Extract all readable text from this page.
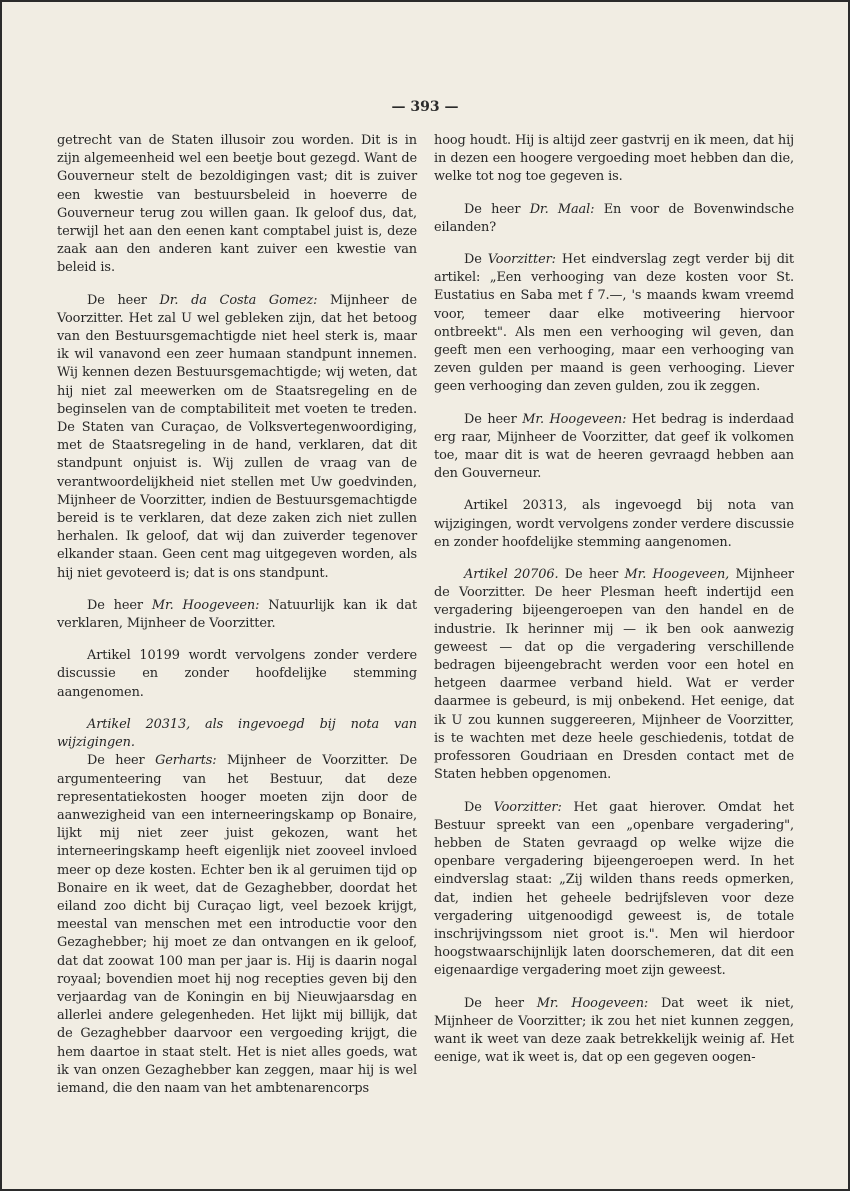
— 393 —

getrecht van de Staten illusoir zou worden. Dit is in zijn algemeenheid wel een beetje bout gezegd. Want de Gouverneur stelt de bezoldigingen vast; dit is zuiver een kwestie van bestuursbeleid in hoeverre de Gouverneur terug zou willen gaan. Ik geloof dus, dat, terwijl het aan den eenen kant comptabel juist is, deze zaak aan den anderen kant zuiver een kwestie van beleid is.

De heer Dr. da Costa Gomez: Mijnheer de Voorzitter. Het zal U wel gebleken zijn, dat het betoog van den Bestuursgemachtigde niet heel sterk is, maar ik wil vanavond een zeer humaan standpunt innemen. Wij kennen dezen Bestuursgemachtigde; wij weten, dat hij niet zal meewerken om de Staatsregeling en de beginselen van de comptabiliteit met voeten te treden. De Staten van Curaçao, de Volksvertegenwoordiging, met de Staatsregeling in de hand, verklaren, dat dit standpunt onjuist is. Wij zullen de vraag van de verantwoordelijkheid niet stellen met Uw goedvinden, Mijnheer de Voorzitter, indien de Bestuursgemachtigde bereid is te verklaren, dat deze zaken zich niet zullen herhalen. Ik geloof, dat wij dan zuiverder tegenover elkander staan. Geen cent mag uitgegeven worden, als hij niet gevoteerd is; dat is ons standpunt.

De heer Mr. Hoogeveen: Natuurlijk kan ik dat verklaren, Mijnheer de Voorzitter.

Artikel 10199 wordt vervolgens zonder verdere discussie en zonder hoofdelijke stemming aangenomen.

Artikel 20313, als ingevoegd bij nota van wijzigingen.

De heer Gerharts: Mijnheer de Voorzitter. De argumenteering van het Bestuur, dat deze representatiekosten hooger moeten zijn door de aanwezigheid van een interneeringskamp op Bonaire, lijkt mij niet zeer juist gekozen, want het interneeringskamp heeft eigenlijk niet zooveel invloed meer op deze kosten. Echter ben ik al geruimen tijd op Bonaire en ik weet, dat de Gezaghebber, doordat het eiland zoo dicht bij Curaçao ligt, veel bezoek krijgt, meestal van menschen met een introductie voor den Gezaghebber; hij moet ze dan ontvangen en ik geloof, dat dat zoowat 100 man per jaar is. Hij is daarin nogal royaal; bovendien moet hij nog recepties geven bij den verjaardag van de Koningin en bij Nieuwjaarsdag en allerlei andere gelegenheden. Het lijkt mij billijk, dat de Gezaghebber daarvoor een vergoeding krijgt, die hem daartoe in staat stelt. Het is niet alles goeds, wat ik van onzen Gezaghebber kan zeggen, maar hij is wel iemand, die den naam van het ambtenarencorps

hoog houdt. Hij is altijd zeer gastvrij en ik meen, dat hij in dezen een hoogere vergoeding moet hebben dan die, welke tot nog toe gegeven is.

De heer Dr. Maal: En voor de Bovenwindsche eilanden?

De Voorzitter: Het eindverslag zegt verder bij dit artikel: „Een verhooging van deze kosten voor St. Eustatius en Saba met f 7.—, 's maands kwam vreemd voor, temeer daar elke motiveering hiervoor ontbreekt". Als men een verhooging wil geven, dan geeft men een verhooging, maar een verhooging van zeven gulden per maand is geen verhooging. Liever geen verhooging dan zeven gulden, zou ik zeggen.

De heer Mr. Hoogeveen: Het bedrag is inderdaad erg raar, Mijnheer de Voorzitter, dat geef ik volkomen toe, maar dit is wat de heeren gevraagd hebben aan den Gouverneur.

Artikel 20313, als ingevoegd bij nota van wijzigingen, wordt vervolgens zonder verdere discussie en zonder hoofdelijke stemming aangenomen.

Artikel 20706. De heer Mr. Hoogeveen, Mijnheer de Voorzitter. De heer Plesman heeft indertijd een vergadering bijeengeroepen van den handel en de industrie. Ik herinner mij — ik ben ook aanwezig geweest — dat op die vergadering verschillende bedragen bijeengebracht werden voor een hotel en hetgeen daarmee verband hield. Wat er verder daarmee is gebeurd, is mij onbekend. Het eenige, dat ik U zou kunnen suggereeren, Mijnheer de Voorzitter, is te wachten met deze heele geschiedenis, totdat de professoren Goudriaan en Dresden contact met de Staten hebben opgenomen.

De Voorzitter: Het gaat hierover. Omdat het Bestuur spreekt van een „openbare vergadering", hebben de Staten gevraagd op welke wijze die openbare vergadering bijeengeroepen werd. In het eindverslag staat: „Zij wilden thans reeds opmerken, dat, indien het geheele bedrijfsleven voor deze vergadering uitgenoodigd geweest is, de totale inschrijvingssom niet groot is.". Men wil hierdoor hoogstwaarschijnlijk laten doorschemeren, dat dit een eigenaardige vergadering moet zijn geweest.

De heer Mr. Hoogeveen: Dat weet ik niet, Mijnheer de Voorzitter; ik zou het niet kunnen zeggen, want ik weet van deze zaak betrekkelijk weinig af. Het eenige, wat ik weet is, dat op een gegeven oogen-
